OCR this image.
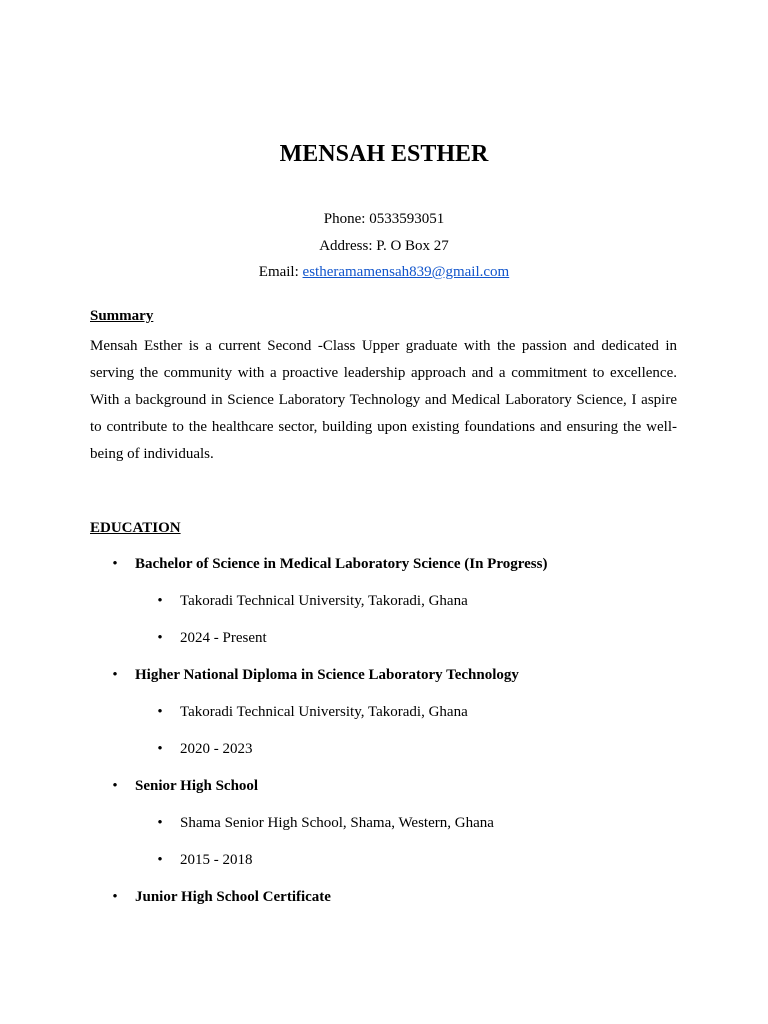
MENSAH ESTHER
Phone: 0533593051
Address: P. O Box 27
Email: estheramamensah839@gmail.com
Summary

Mensah Esther is a current Second -Class Upper graduate with the passion and dedicated in serving the community with a proactive leadership approach and a commitment to excellence. With a background in Science Laboratory Technology and Medical Laboratory Science, I aspire to contribute to the healthcare sector, building upon existing foundations and ensuring the well-being of individuals.

EDUCATION
• Bachelor of Science in Medical Laboratory Science (In Progress)
• Takoradi Technical University, Takoradi, Ghana
• 2024 - Present
• Higher National Diploma in Science Laboratory Technology
• Takoradi Technical University, Takoradi, Ghana
• 2020 - 2023
• Senior High School
• Shama Senior High School, Shama, Western, Ghana
• 2015 - 2018
• Junior High School Certificate
